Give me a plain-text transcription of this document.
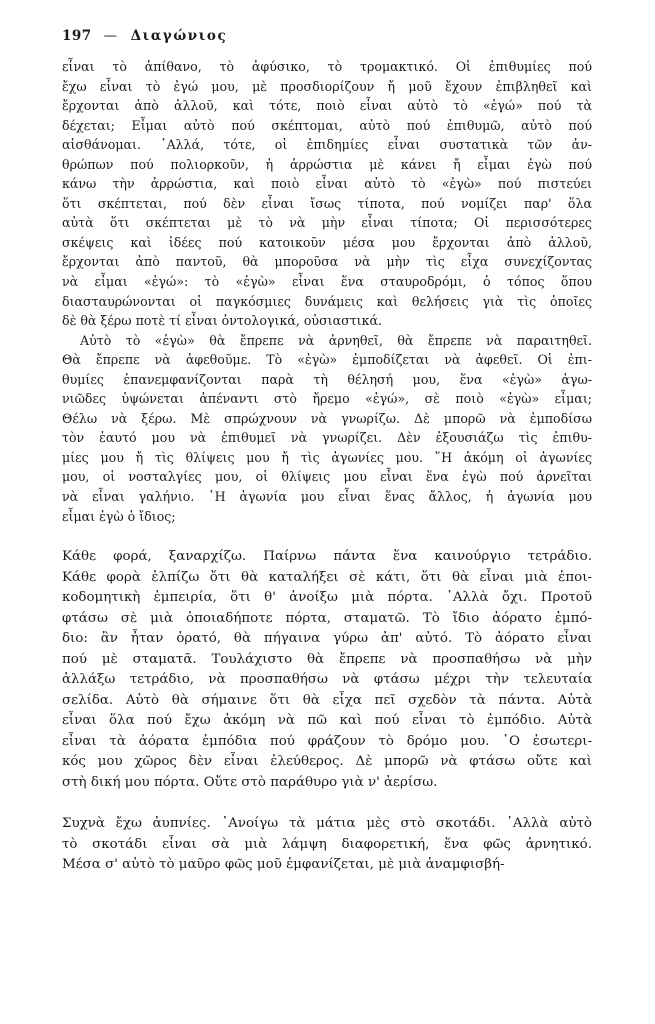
197 — Διαγώνιος
εἶναι τὸ ἀπίθανο, τὸ ἀφύσικο, τὸ τρομακτικό. Οἱ ἐπιθυμίες πού
ἔχω εἶναι τὸ ἐγώ μου, μὲ προσδιορίζουν ἤ μοῦ ἔχουν ἐπιβληθεῖ καὶ
ἔρχονται ἀπὸ ἀλλοῦ, καὶ τότε, ποιὸ εἶναι αὐτὸ τὸ «ἐγώ» πού τὰ
δέχεται; Εἶμαι αὐτὸ πού σκέπτομαι, αὐτὸ πού ἐπιθυμῶ, αὐτὸ πού
αἰσθάνομαι. ᾿Αλλά, τότε, οἱ ἐπιδημίες εἶναι συστατικὰ τῶν ἀν-
θρώπων πού πολιορκοῦν, ἡ ἀρρώστια μὲ κάνει ἤ εἶμαι ἐγὼ πού
κάνω τὴν ἀρρώστια, καὶ ποιὸ εἶναι αὐτὸ τὸ «ἐγὼ» πού πιστεύει
ὅτι σκέπτεται, πού δὲν εἶναι ἴσως τίποτα, πού νομίζει παρ' ὅλα
αὐτὰ ὅτι σκέπτεται μὲ τὸ νὰ μὴν εἶναι τίποτα; Οἱ περισσότερες
σκέψεις καὶ ἰδέες πού κατοικοῦν μέσα μου ἔρχονται ἀπὸ ἀλλοῦ,
ἔρχονται ἀπὸ παντοῦ, θὰ μποροῦσα νὰ μὴν τὶς εἶχα συνεχίζοντας
νὰ εἶμαι «ἐγώ»: τὸ «ἐγὼ» εἶναι ἕνα σταυροδρόμι, ὁ τόπος ὅπου
διασταυρώνονται οἱ παγκόσμιες δυνάμεις καὶ θελήσεις γιὰ τὶς ὁποῖες
δὲ θὰ ξέρω ποτὲ τί εἶναι ὀντολογικά, οὐσιαστικά.
Αὐτὸ τὸ «ἐγὼ» θὰ ἔπρεπε νὰ ἀρνηθεῖ, θὰ ἔπρεπε νὰ παραιτηθεῖ.
Θὰ ἔπρεπε νὰ ἀφεθοῦμε. Τὸ «ἐγὼ» ἐμποδίζεται νὰ ἀφεθεῖ. Οἱ ἐπι-
θυμίες ἐπανεμφανίζονται παρὰ τὴ θέλησή μου, ἕνα «ἐγὼ» ἀγω-
νιῶδες ὑψώνεται ἀπέναντι στὸ ἤρεμο «ἐγώ», σὲ ποιὸ «ἐγὼ» εἶμαι;
Θέλω νὰ ξέρω. Μὲ σπρώχνουν νὰ γνωρίζω. Δὲ μπορῶ νὰ ἐμποδίσω
τὸν ἑαυτό μου νὰ ἐπιθυμεῖ νὰ γνωρίζει. Δὲν ἐξουσιάζω τὶς ἐπιθυ-
μίες μου ἤ τὶς θλίψεις μου ἤ τὶς ἀγωνίες μου. ῞Η ἀκόμη οἱ ἀγωνίες
μου, οἱ νοσταλγίες μου, οἱ θλίψεις μου εἶναι ἕνα ἐγὼ πού ἀρνεῖται
νὰ εἶναι γαλήνιο. ῾Η ἀγωνία μου εἶναι ἕνας ἄλλος, ἡ ἀγωνία μου
εἶμαι ἐγὼ ὁ ἴδιος;
Κάθε φορά, ξαναρχίζω. Παίρνω πάντα ἕνα καινούργιο τετράδιο.
Κάθε φορὰ ἐλπίζω ὅτι θὰ καταλήξει σὲ κάτι, ὅτι θὰ εἶναι μιὰ ἐποι-
κοδομητικὴ ἐμπειρία, ὅτι θ' ἀνοίξω μιὰ πόρτα. ᾿Αλλὰ ὄχι. Προτοῦ
φτάσω σὲ μιὰ ὁποιαδήποτε πόρτα, σταματῶ. Τὸ ἴδιο ἀόρατο ἐμπό-
διο: ἂν ἦταν ὁρατό, θὰ πήγαινα γύρω ἀπ' αὐτό. Τὸ ἀόρατο εἶναι
πού μὲ σταματᾶ. Τουλάχιστο θὰ ἔπρεπε νὰ προσπαθήσω νὰ μὴν
ἀλλάξω τετράδιο, νὰ προσπαθήσω νὰ φτάσω μέχρι τὴν τελευταία
σελίδα. Αὐτὸ θὰ σήμαινε ὅτι θὰ εἶχα πεῖ σχεδὸν τὰ πάντα. Αὐτὰ
εἶναι ὅλα πού ἔχω ἀκόμη νὰ πῶ καὶ πού εἶναι τὸ ἐμπόδιο. Αὐτὰ
εἶναι τὰ ἀόρατα ἐμπόδια πού φράζουν τὸ δρόμο μου. ῾Ο ἐσωτερι-
κός μου χῶρος δὲν εἶναι ἐλεύθερος. Δὲ μπορῶ νὰ φτάσω οὔτε καὶ
στὴ δική μου πόρτα. Οὔτε στὸ παράθυρο γιὰ ν' ἀερίσω.
Συχνὰ ἔχω ἀυπνίες. ᾿Ανοίγω τὰ μάτια μὲς στὸ σκοτάδι. ᾿Αλλὰ αὐτὸ
τὸ σκοτάδι εἶναι σὰ μιὰ λάμψη διαφορετική, ἕνα φῶς ἀρνητικό.
Μέσα σ' αὐτὸ τὸ μαῦρο φῶς μοῦ ἐμφανίζεται, μὲ μιὰ ἀναμφισβή-
